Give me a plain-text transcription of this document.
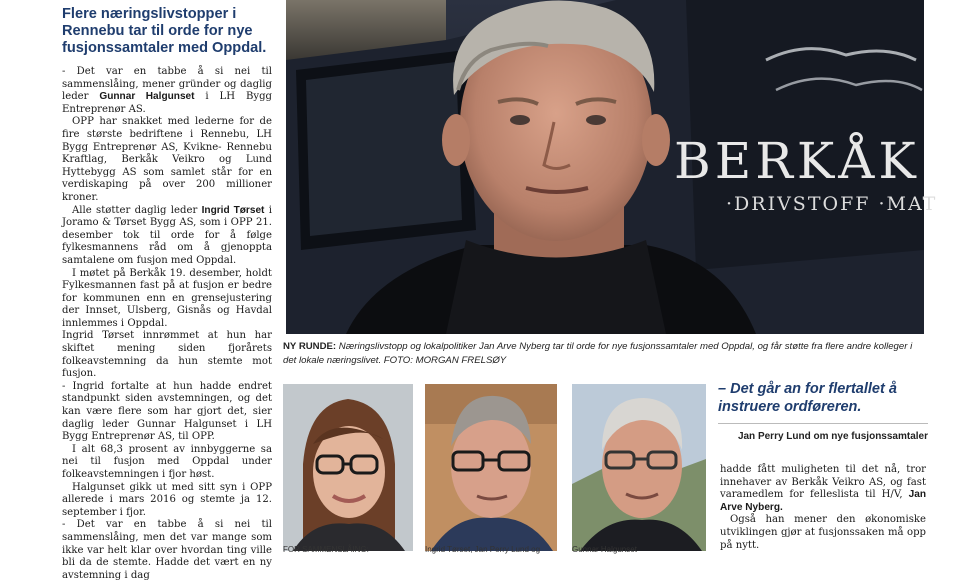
Flere næringslivstopper i Rennebu tar til orde for nye fusjonssamtaler med Oppdal.

- Det var en tabbe å si nei til sammenslåing, mener gründer og daglig leder Gunnar Halgunset i LH Bygg Entreprenør AS.

OPP har snakket med lederne for de fire største bedriftene i Rennebu, LH Bygg Entreprenør AS, Kvikne- Rennebu Kraftlag, Berkåk Veikro og Lund Hyttebygg AS som samlet står for en verdiskaping på over 200 millioner kroner.

Alle støtter daglig leder Ingrid Tørset i Joramo & Tørset Bygg AS, som i OPP 21. desember tok til orde for å følge fylkesmannens råd om å gjenoppta samtalene om fusjon med Oppdal.

I møtet på Berkåk 19. desember, holdt Fylkesmannen fast på at fusjon er bedre for kommunen enn en grensejustering der Innset, Ulsberg, Gisnås og Havdal innlemmes i Oppdal.

Ingrid Tørset innrømmet at hun har skiftet mening siden fjorårets folkeavstemning da hun stemte mot fusjon.

- Ingrid fortalte at hun hadde endret standpunkt siden avstemningen, og det kan være flere som har gjort det, sier daglig leder Gunnar Halgunset i LH Bygg Entreprenør AS, til OPP.

I alt 68,3 prosent av innbyggerne sa nei til fusjon med Oppdal under folkeavstemningen i fjor høst.

Halgunset gikk ut med sitt syn i OPP allerede i mars 2016 og stemte ja 12. september i fjor.

- Det var en tabbe å si nei til sammenslåing, men det var mange som ikke var helt klar over hvordan ting ville bli da de stemte. Hadde det vært en ny avstemning i dag

BERKÅK
·DRIVSTOFF ·MAT
NY RUNDE: Næringslivstopp og lokalpolitiker Jan Arve Nyberg tar til orde for nye fusjonssamtaler med Oppdal, og får støtte fra flere andre kolleger i det lokale næringslivet. FOTO: MORGAN FRELSØY
FOR SAMMENSLÅING:	Ingrid Tørset, Jan Perry Lund og	Gunnar Halgunset
– Det går an for flertallet å instruere ordføreren.
Jan Perry Lund om nye fusjonssamtaler

hadde fått muligheten til det nå, tror innehaver av Berkåk Veikro AS, og fast varamedlem for felleslista til H/V, Jan Arve Nyberg.

Også han mener den økonomiske utviklingen gjør at fusjonssaken må opp på nytt.
